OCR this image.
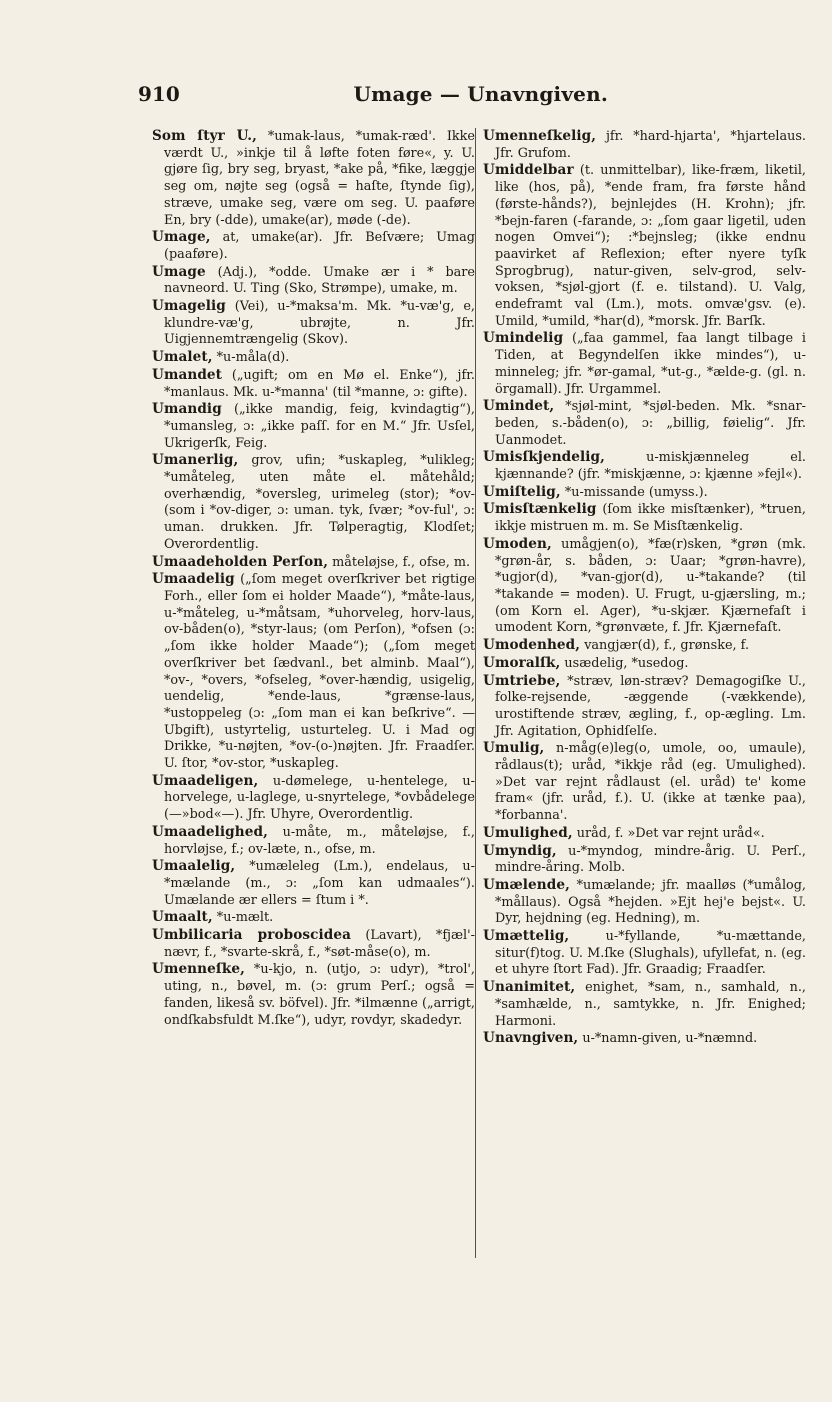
910	Umage — Unavngiven.

Som ſtyr U., *umak-laus, *umak-ræd'. Ikke værdt U., »inkje til å løfte foten føre«, y. U. gjøre ſig, bry seg, bryast, *ake på, *fike, læggje seg om, nøjte seg (også = haſte, ſtynde ſig), stræve, umake seg, være om seg. U. paaføre En, bry (-dde), umake(ar), møde (-de).

Umage, at, umake(ar). Jfr. Beſvære; Umag (paaføre).

Umage (Adj.), *odde. Umake ær i * bare navneord. U. Ting (Sko, Strømpe), umake, m.

Umagelig (Vei), u-*maksa'm. Mk. *u-væ'g, e, klundre-væ'g, ubrøjte, n. Jfr. Uigjennemtrængelig (Skov).

Umalet, *u-måla(d).

Umandet („ugift; om en Mø el. Enke“), jfr. *manlaus. Mk. u-*manna' (til *manne, ɔ: gifte).

Umandig („ikke mandig, feig, kvindagtig“), *umansleg, ɔ: „ikke paſſ. for en M.“ Jfr. Usſel, Ukrigerſk, Feig.

Umanerlig, grov, ufin; *uskapleg, *ulikleg; *umåteleg, uten måte el. måtehåld; overhændig, *oversleg, urimeleg (stor); *ov- (som i *ov-diger, ɔ: uman. tyk, ſvær; *ov-ful', ɔ: uman. drukken. Jfr. Tølperagtig, Klodſet; Overordentlig.

Umaadeholden Perſon, måteløjse, f., ofse, m.

Umaadelig („ſom meget overſkriver bet rigtige Forh., eller ſom ei holder Maade“), *måte-laus, u-*måteleg, u-*måtsam, *uhorveleg, horv-laus, ov-båden(o), *styr-laus; (om Perſon), *ofsen (ɔ: „ſom ikke holder Maade“); („ſom meget overſkriver bet ſædvanl., bet alminb. Maal“), *ov-, *overs, *ofseleg, *over-hændig, usigelig, uendelig, *ende-laus, *grænse-laus, *ustoppeleg (ɔ: „ſom man ei kan beſkrive“. — Ubgift), ustyrtelig, usturteleg. U. i Mad og Drikke, *u-nøjten, *ov-(o-)nøjten. Jfr. Fraadſer. U. ſtor, *ov-stor, *uskapleg.

Umaadeligen, u-dømelege, u-hentelege, u-horvelege, u-laglege, u-snyrtelege, *ovbådelege (—»bod«—). Jfr. Uhyre, Overordentlig.

Umaadelighed, u-måte, m., måteløjse, f., horvløjse, f.; ov-læte, n., ofse, m.

Umaalelig, *umæleleg (Lm.), endelaus, u-*mælande (m., ɔ: „ſom kan udmaales“). Umælande ær ellers = ſtum i *.

Umaalt, *u-mælt.

Umbilicaria proboscidea (Lavart), *fjæl'-nævr, f., *svarte-skrå, f., *søt-måse(o), m.

Umenneſke, *u-kjo, n. (utjo, ɔ: udyr), *trol', uting, n., bøvel, m. (ɔ: grum Perſ.; også = fanden, likeså sv. böfvel). Jfr. *ilmænne („arrigt, ondſkabsfuldt M.ſke“), udyr, rovdyr, skadedyr.

Umenneſkelig, jfr. *hard-hjarta', *hjartelaus. Jfr. Grufom.

Umiddelbar (t. unmittelbar), like-fræm, liketil, like (hos, på), *ende fram, fra første hånd (første-hånds?), bejnlejdes (H. Krohn); jfr. *bejn-faren (-farande, ɔ: „ſom gaar ligetil, uden nogen Omvei“); :*bejnsleg; (ikke endnu paavirket af Reflexion; efter nyere tyſk Sprogbrug), natur-given, selv-grod, selv-voksen, *sjøl-gjort (f. e. tilstand). U. Valg, endeframt val (Lm.), mots. omvæ'gsv. (e). Umild, *umild, *har(d), *morsk. Jfr. Barſk.

Umindelig („faa gammel, faa langt tilbage i Tiden, at Begyndelſen ikke mindes“), u-minneleg; jfr. *ør-gamal, *ut-g., *ælde-g. (gl. n. örgamall). Jfr. Urgammel.

Umindet, *sjøl-mint, *sjøl-beden. Mk. *snar-beden, s.-båden(o), ɔ: „billig, føielig“. Jfr. Uanmodet.

Umisſkjendelig, u-miskjænneleg el. kjænnande? (jfr. *miskjænne, ɔ: kjænne »fejl«).

Umiſtelig, *u-missande (umyss.).

Umisſtænkelig (ſom ikke misſtænker), *truen, ikkje mistruen m. m. Se Misſtænkelig.

Umoden, umågjen(o), *fæ(r)sken, *grøn (mk. *grøn-år, s. båden, ɔ: Uaar; *grøn-havre), *ugjor(d), *van-gjor(d), u-*takande? (til *takande = moden). U. Frugt, u-gjærsling, m.; (om Korn el. Ager), *u-skjær. Kjærnefaſt i umodent Korn, *grønvæte, f. Jfr. Kjærnefaſt.

Umodenhed, vangjær(d), f., grønske, f.

Umoralſk, usædelig, *usedog.

Umtriebe, *stræv, løn-stræv? Demagogiſke U., folke-rejsende, -æggende (-vækkende), urostiftende stræv, ægling, f., op-ægling. Lm. Jfr. Agitation, Ophidſelſe.

Umulig, n-måg(e)leg(o, umole, oo, umaule), rådlaus(t); uråd, *ikkje råd (eg. Umulighed). »Det var rejnt rådlaust (el. uråd) te' kome fram« (jfr. uråd, f.). U. (ikke at tænke paa), *forbanna'.

Umulighed, uråd, f. »Det var rejnt uråd«.

Umyndig, u-*myndog, mindre-årig. U. Perſ., mindre-åring. Molb.

Umælende, *umælande; jfr. maalløs (*umålog, *mållaus). Også *hejden. »Ejt hej'e bejst«. U. Dyr, hejdning (eg. Hedning), m.

Umættelig, u-*fyllande, *u-mættande, situr(f)tog. U. M.ſke (Slughals), ufyllefat, n. (eg. et uhyre ſtort Fad). Jfr. Graadig; Fraadſer.

Unanimitet, enighet, *sam, n., samhald, n., *samhælde, n., samtykke, n. Jfr. Enighed; Harmoni.

Unavngiven, u-*namn-given, u-*næmnd.
